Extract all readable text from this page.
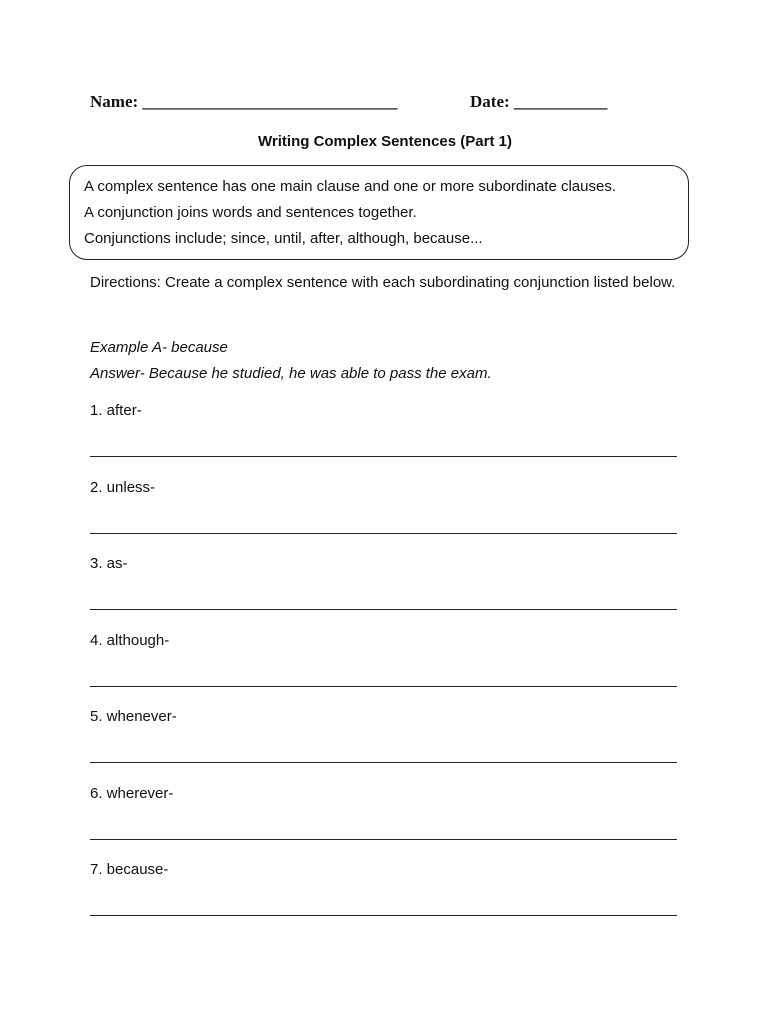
Name: ______________________________	Date: ___________
Writing Complex Sentences (Part 1)
A complex sentence has one main clause and one or more subordinate clauses.
A conjunction joins words and sentences together.
Conjunctions include; since, until, after, although, because...
Directions: Create a complex sentence with each subordinating conjunction listed below.
Example A- because
Answer- Because he studied, he was able to pass the exam.
1. after-
2. unless-
3. as-
4. although-
5. whenever-
6. wherever-
7. because-
